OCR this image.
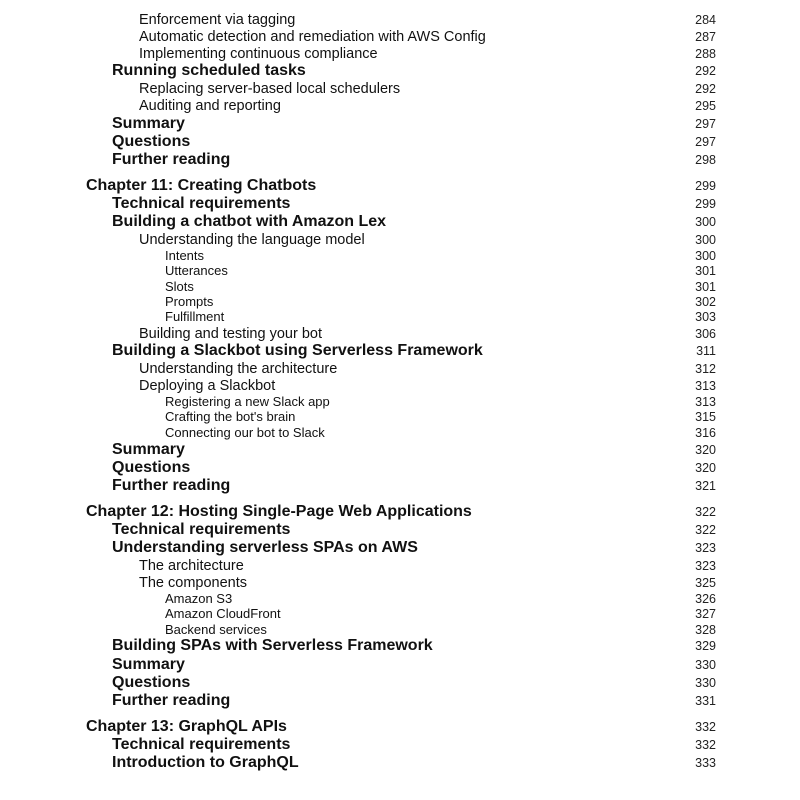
Enforcement via tagging	284
Automatic detection and remediation with AWS Config	287
Implementing continuous compliance	288
Running scheduled tasks	292
Replacing server-based local schedulers	292
Auditing and reporting	295
Summary	297
Questions	297
Further reading	298
Chapter 11: Creating Chatbots	299
Technical requirements	299
Building a chatbot with Amazon Lex	300
Understanding the language model	300
Intents	300
Utterances	301
Slots	301
Prompts	302
Fulfillment	303
Building and testing your bot	306
Building a Slackbot using Serverless Framework	311
Understanding the architecture	312
Deploying a Slackbot	313
Registering a new Slack app	313
Crafting the bot's brain	315
Connecting our bot to Slack	316
Summary	320
Questions	320
Further reading	321
Chapter 12: Hosting Single-Page Web Applications	322
Technical requirements	322
Understanding serverless SPAs on AWS	323
The architecture	323
The components	325
Amazon S3	326
Amazon CloudFront	327
Backend services	328
Building SPAs with Serverless Framework	329
Summary	330
Questions	330
Further reading	331
Chapter 13: GraphQL APIs	332
Technical requirements	332
Introduction to GraphQL	333
